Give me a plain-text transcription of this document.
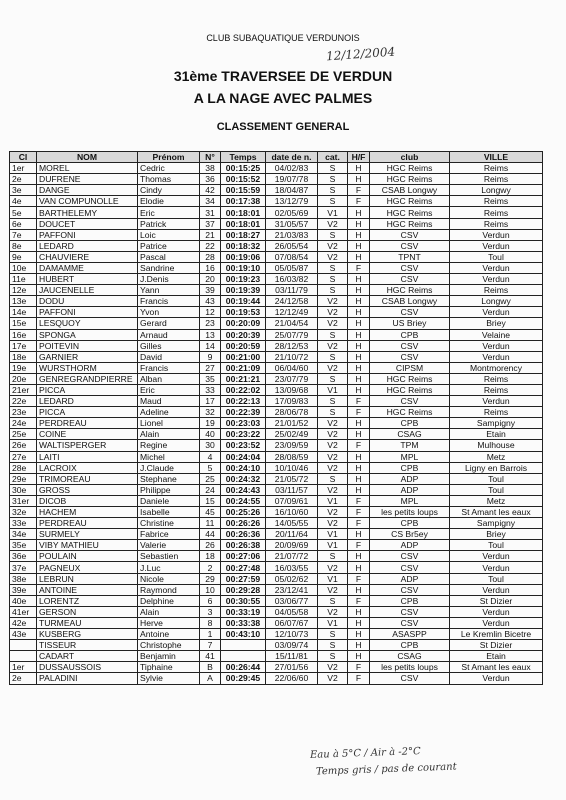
CLUB SUBAQUATIQUE VERDUNOIS
12/12/2004
31ème TRAVERSEE DE VERDUN
A LA NAGE AVEC PALMES
CLASSEMENT GENERAL
Cl	NOM	Prénom	N°	Temps	date de n.	cat.	H/F	club	VILLE
1er	MOREL	Cedric	38	00:15:25	04/02/83	S	H	HGC Reims	Reims
2e	DUFRENE	Thomas	36	00:15:52	19/07/78	S	H	HGC Reims	Reims
3e	DANGE	Cindy	42	00:15:59	18/04/87	S	F	CSAB Longwy	Longwy
4e	VAN COMPUNOLLE	Elodie	34	00:17:38	13/12/79	S	F	HGC Reims	Reims
5e	BARTHELEMY	Eric	31	00:18:01	02/05/69	V1	H	HGC Reims	Reims
6e	DOUCET	Patrick	37	00:18:01	31/05/57	V2	H	HGC Reims	Reims
7e	PAFFONI	Loic	21	00:18:27	21/03/83	S	H	CSV	Verdun
8e	LEDARD	Patrice	22	00:18:32	26/05/54	V2	H	CSV	Verdun
9e	CHAUVIERE	Pascal	28	00:19:06	07/08/54	V2	H	TPNT	Toul
10e	DAMAMME	Sandrine	16	00:19:10	05/05/87	S	F	CSV	Verdun
11e	HUBERT	J.Denis	20	00:19:23	16/03/82	S	H	CSV	Verdun
12e	JAUCENELLE	Yann	39	00:19:39	03/11/79	S	H	HGC Reims	Reims
13e	DODU	Francis	43	00:19:44	24/12/58	V2	H	CSAB Longwy	Longwy
14e	PAFFONI	Yvon	12	00:19:53	12/12/49	V2	H	CSV	Verdun
15e	LESQUOY	Gerard	23	00:20:09	21/04/54	V2	H	US Briey	Briey
16e	SPONGA	Arnaud	13	00:20:39	25/07/79	S	H	CPB	Velaine
17e	POITEVIN	Gilles	14	00:20:59	28/12/53	V2	H	CSV	Verdun
18e	GARNIER	David	9	00:21:00	21/10/72	S	H	CSV	Verdun
19e	WURSTHORM	Francis	27	00:21:09	06/04/60	V2	H	CIPSM	Montmorency
20e	GENREGRANDPIERRE	Alban	35	00:21:21	23/07/79	S	H	HGC Reims	Reims
21er	PICCA	Eric	33	00:22:02	13/09/68	V1	H	HGC Reims	Reims
22e	LEDARD	Maud	17	00:22:13	17/09/83	S	F	CSV	Verdun
23e	PICCA	Adeline	32	00:22:39	28/06/78	S	F	HGC Reims	Reims
24e	PERDREAU	Lionel	19	00:23:03	21/01/52	V2	H	CPB	Sampigny
25e	COINE	Alain	40	00:23:22	25/02/49	V2	H	CSAG	Etain
26e	WALTISPERGER	Regine	30	00:23:52	23/09/59	V2	F	TPM	Mulhouse
27e	LAITI	Michel	4	00:24:04	28/08/59	V2	H	MPL	Metz
28e	LACROIX	J.Claude	5	00:24:10	10/10/46	V2	H	CPB	Ligny en Barrois
29e	TRIMOREAU	Stephane	25	00:24:32	21/05/72	S	H	ADP	Toul
30e	GROSS	Philippe	24	00:24:43	03/11/57	V2	H	ADP	Toul
31er	DICOB	Daniele	15	00:24:55	07/09/61	V1	F	MPL	Metz
32e	HACHEM	Isabelle	45	00:25:26	16/10/60	V2	F	les petits loups	St Amant les eaux
33e	PERDREAU	Christine	11	00:26:26	14/05/55	V2	F	CPB	Sampigny
34e	SURMELY	Fabrice	44	00:26:36	20/11/64	V1	H	CS Br5ey	Briey
35e	VIBY MATHIEU	Valerie	26	00:26:38	20/09/69	V1	F	ADP	Toul
36e	POULAIN	Sebastien	18	00:27:06	21/07/72	S	H	CSV	Verdun
37e	PAGNEUX	J.Luc	2	00:27:48	16/03/55	V2	H	CSV	Verdun
38e	LEBRUN	Nicole	29	00:27:59	05/02/62	V1	F	ADP	Toul
39e	ANTOINE	Raymond	10	00:29:28	23/12/41	V2	H	CSV	Verdun
40e	LORENTZ	Delphine	6	00:30:55	03/06/77	S	F	CPB	St Dizier
41er	GERSON	Alain	3	00:33:19	04/05/58	V2	H	CSV	Verdun
42e	TURMEAU	Herve	8	00:33:38	06/07/67	V1	H	CSV	Verdun
43e	KUSBERG	Antoine	1	00:43:10	12/10/73	S	H	ASASPP	Le Kremlin Bicetre
	TISSEUR	Christophe	7		03/09/74	S	H	CPB	St Dizier
	CADART	Benjamin	41		15/11/81	S	H	CSAG	Etain
1er	DUSSAUSSOIS	Tiphaine	B	00:26:44	27/01/56	V2	F	les petits loups	St Amant les eaux
2e	PALADINI	Sylvie	A	00:29:45	22/06/60	V2	F	CSV	Verdun
Eau à 5°C / Air à -2°C
Temps gris / pas de courant
